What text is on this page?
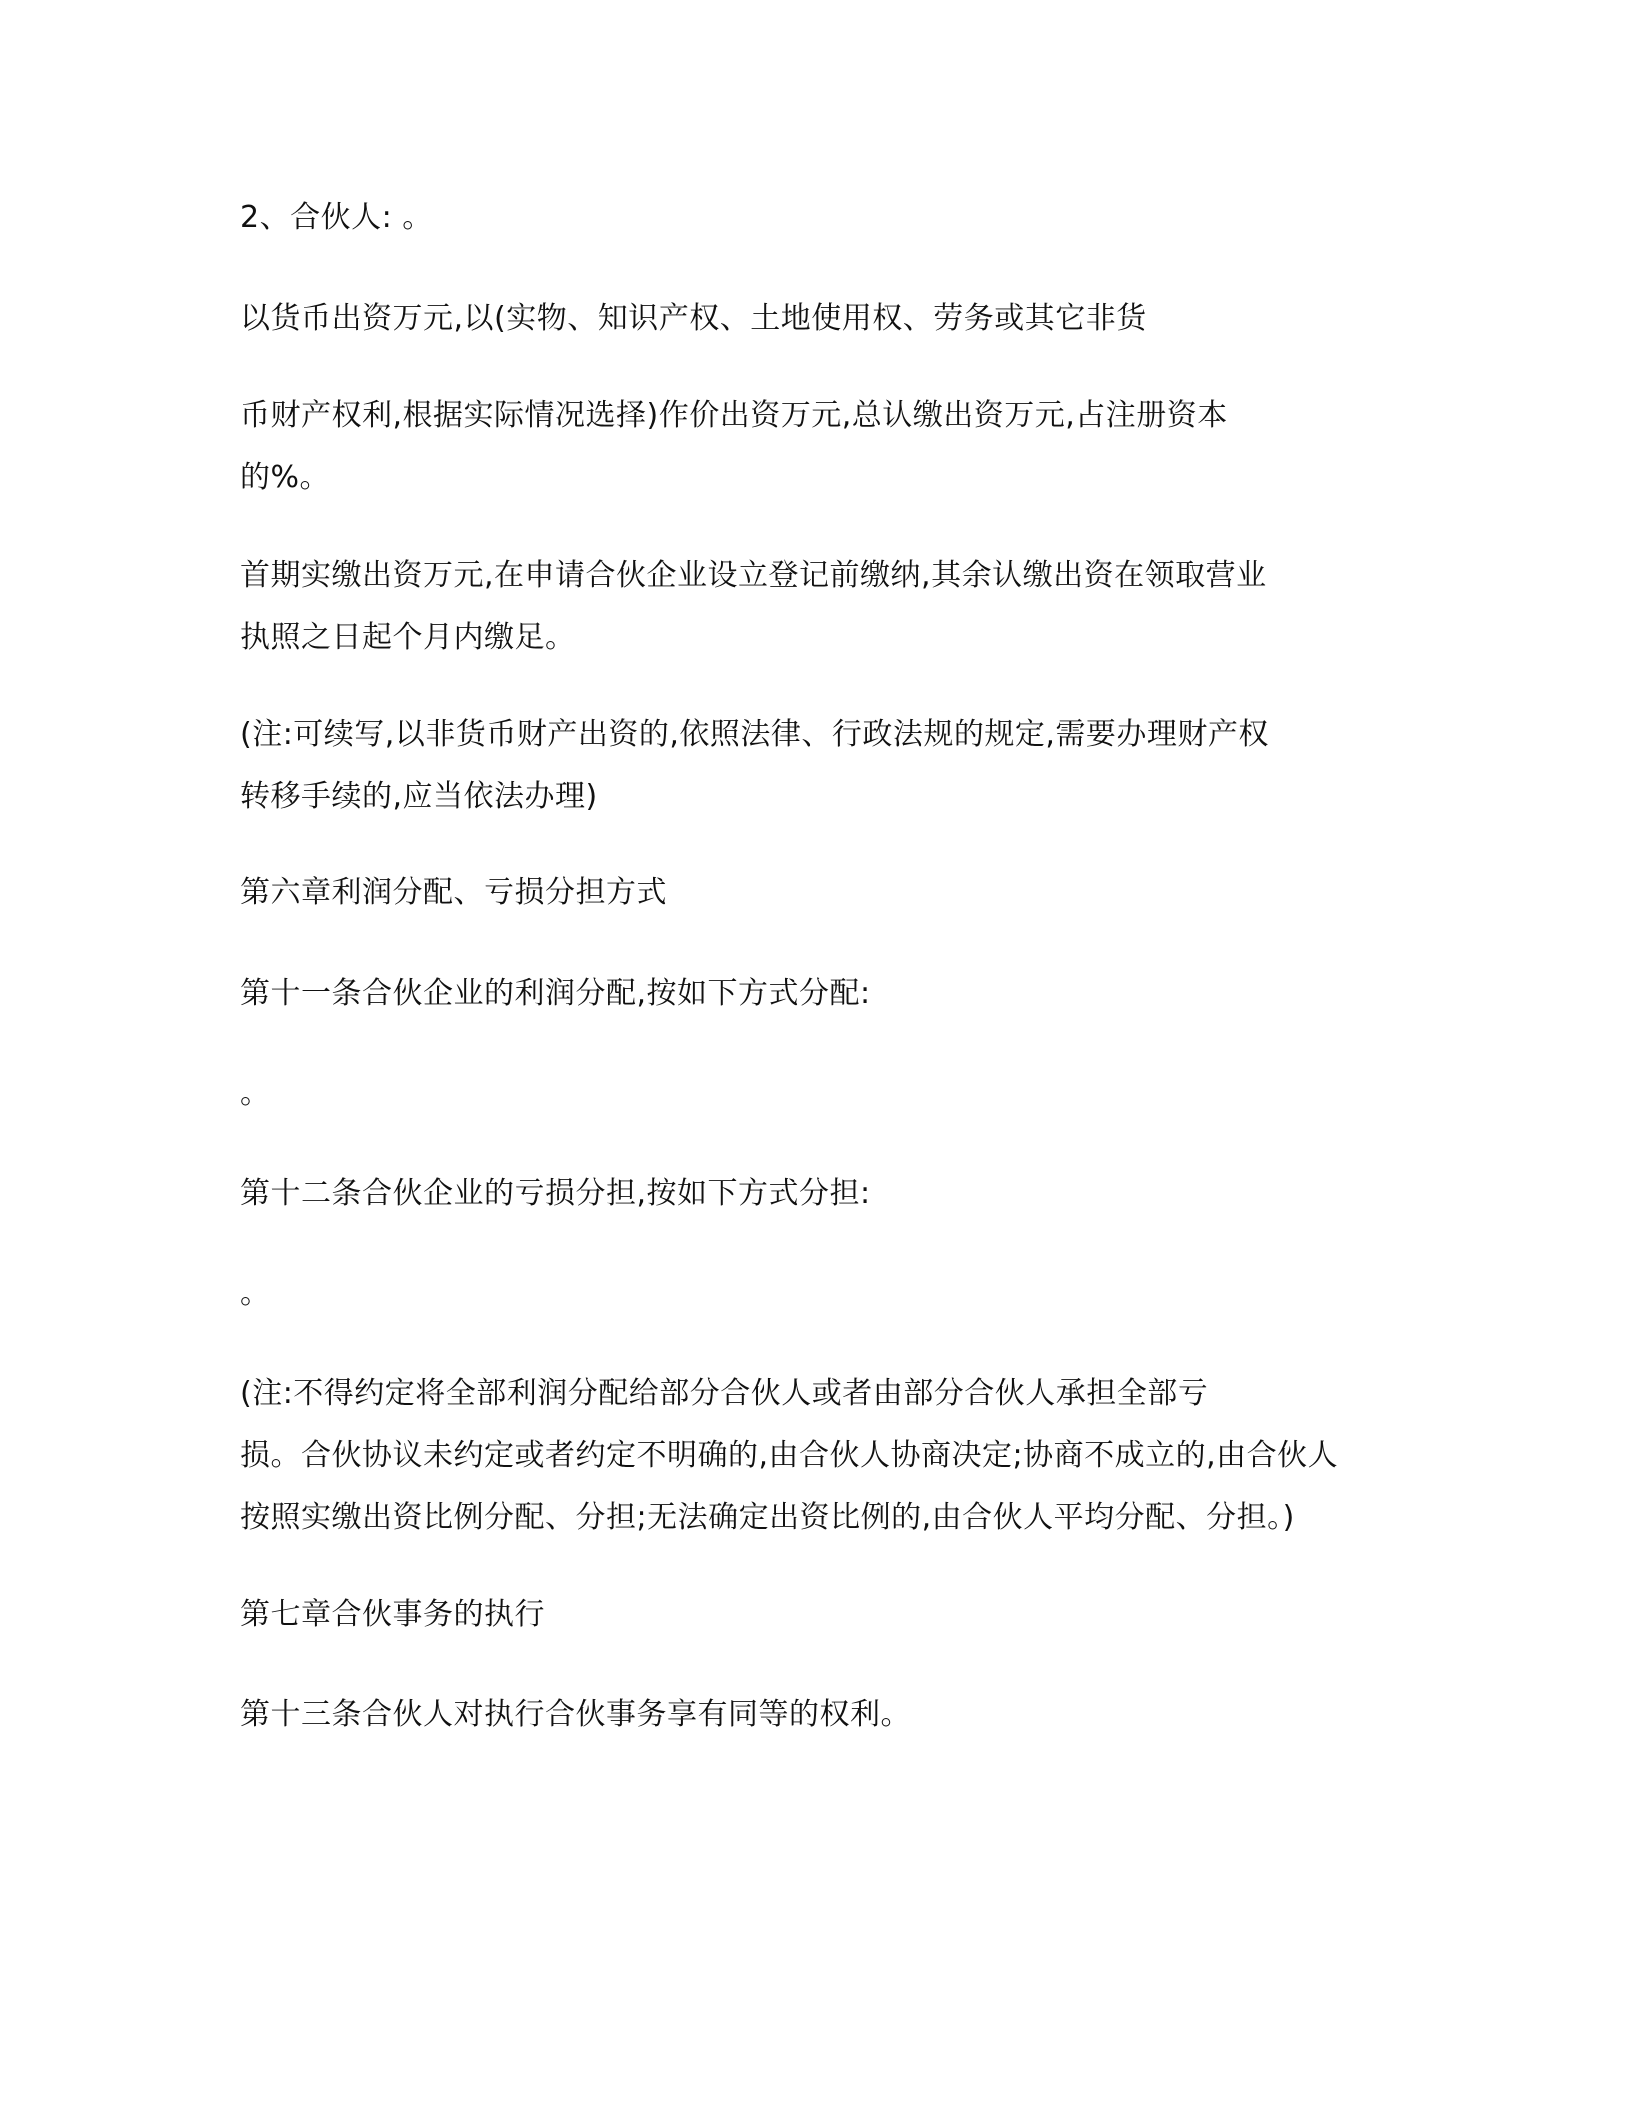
2、合伙人: 。

以货币出资万元,以(实物、知识产权、土地使用权、劳务或其它非货

币财产权利,根据实际情况选择)作价出资万元,总认缴出资万元,占注册资本

的%。

首期实缴出资万元,在申请合伙企业设立登记前缴纳,其余认缴出资在领取营业

执照之日起个月内缴足。

(注:可续写,以非货币财产出资的,依照法律、行政法规的规定,需要办理财产权

转移手续的,应当依法办理)

第六章利润分配、亏损分担方式

第十一条合伙企业的利润分配,按如下方式分配:

。

第十二条合伙企业的亏损分担,按如下方式分担:

。

(注:不得约定将全部利润分配给部分合伙人或者由部分合伙人承担全部亏

损。合伙协议未约定或者约定不明确的,由合伙人协商决定;协商不成立的,由合伙人

按照实缴出资比例分配、分担;无法确定出资比例的,由合伙人平均分配、分担。)

第七章合伙事务的执行

第十三条合伙人对执行合伙事务享有同等的权利。
